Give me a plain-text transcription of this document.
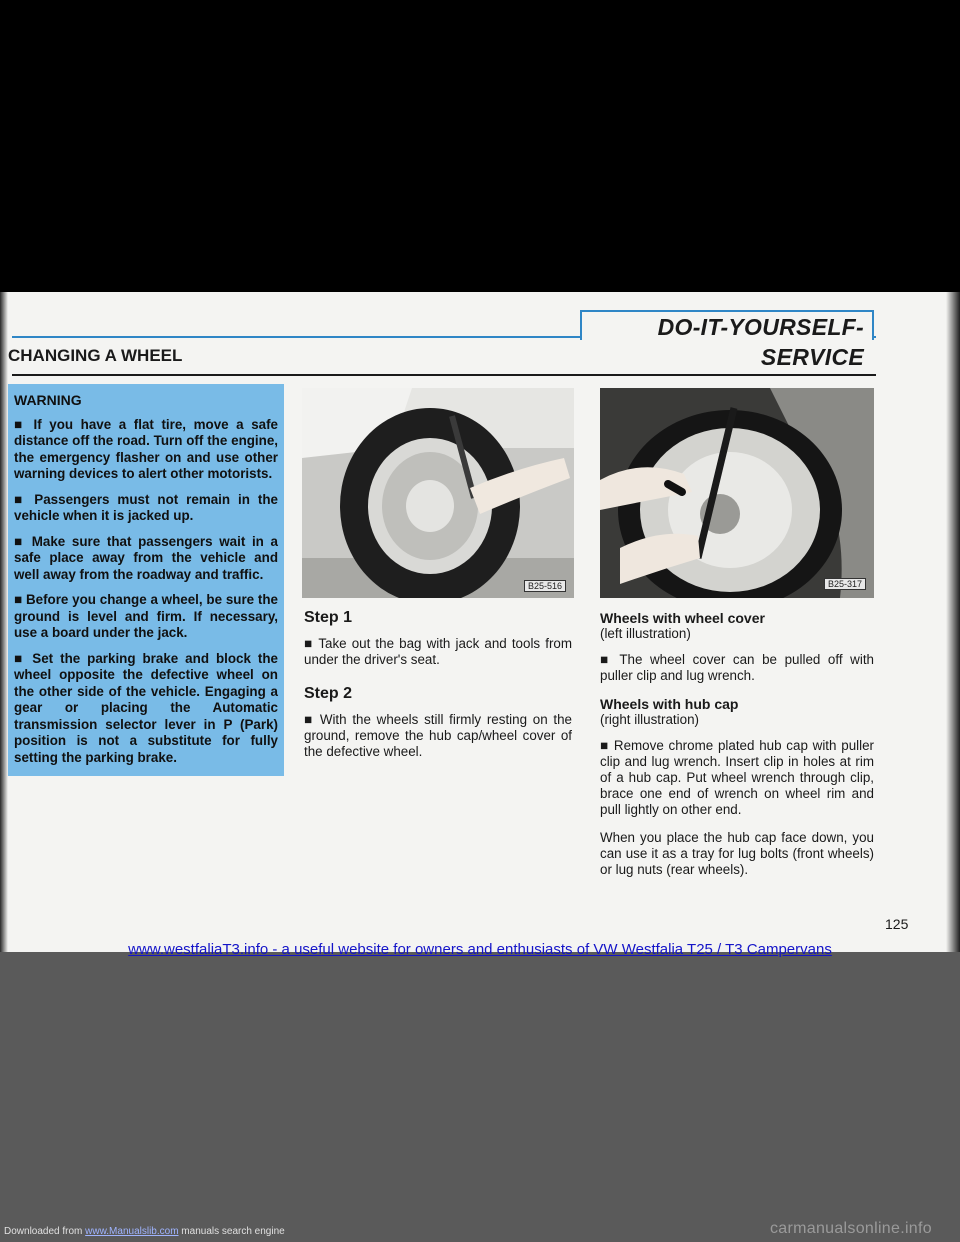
DO-IT-YOURSELF-SERVICE
CHANGING A WHEEL
WARNING

■ If you have a flat tire, move a safe distance off the road. Turn off the engine, the emergency flasher on and use other warning devices to alert other motorists.

■ Passengers must not remain in the vehicle when it is jacked up.

■ Make sure that passengers wait in a safe place away from the vehicle and well away from the roadway and traffic.

■ Before you change a wheel, be sure the ground is level and firm. If necessary, use a board under the jack.

■ Set the parking brake and block the wheel opposite the defective wheel on the other side of the vehicle. Engaging a gear or placing the Automatic transmission selector lever in P (Park) position is not a substitute for fully setting the parking brake.

B25-516	B25-317
Step 1

■ Take out the bag with jack and tools from under the driver's seat.

Step 2

■ With the wheels still firmly resting on the ground, remove the hub cap/wheel cover of the defective wheel.

Wheels with wheel cover
(left illustration)

■ The wheel cover can be pulled off with puller clip and lug wrench.

Wheels with hub cap
(right illustration)

■ Remove chrome plated hub cap with puller clip and lug wrench. Insert clip in holes at rim of a hub cap. Put wheel wrench through clip, brace one end of wrench on wheel rim and pull lightly on other end.

When you place the hub cap face down, you can use it as a tray for lug bolts (front wheels) or lug nuts (rear wheels).

125
www.westfaliaT3.info - a useful website for owners and enthusiasts of VW Westfalia T25 / T3 Campervans
Downloaded from www.Manualslib.com manuals search engine	carmanualsonline.info
